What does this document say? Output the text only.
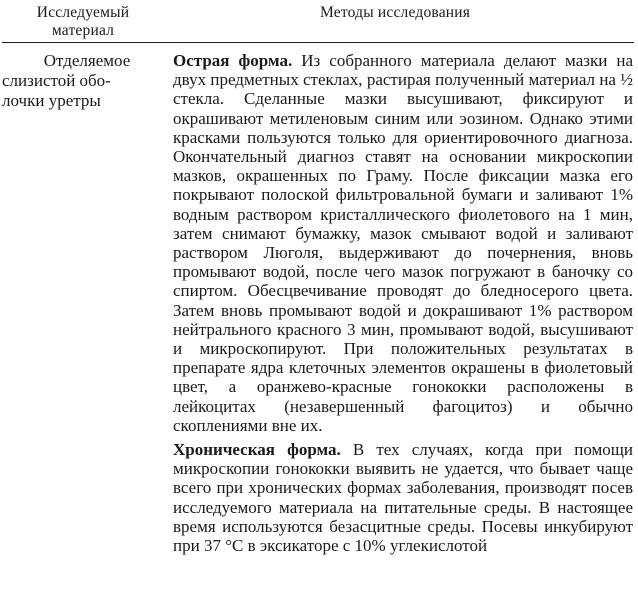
Исследуемый
материал
Методы исследования
Отделяемое
слизистой обо-
лочки уретры

Острая форма. Из собранного материала делают мазки на двух предметных стеклах, растирая полученный материал на ½ стекла. Сделанные мазки высушивают, фиксируют и окрашивают метиленовым синим или эозином. Однако этими красками пользуются только для ориентировочного диагноза. Окончательный диагноз ставят на основании микроскопии мазков, окрашенных по Граму. После фиксации мазка его покрывают полоской фильтровальной бумаги и заливают 1% водным раствором кристаллического фиолетового на 1 мин, затем снимают бумажку, мазок смывают водой и заливают раствором Люголя, выдерживают до почернения, вновь промывают водой, после чего мазок погружают в баночку со спиртом. Обесцвечивание проводят до бледносерого цвета. Затем вновь промывают водой и докрашивают 1% раствором нейтрального красного 3 мин, промывают водой, высушивают и микроскопируют. При положительных результатах в препарате ядра клеточных элементов окрашены в фиолетовый цвет, а оранжево-красные гонококки расположены в лейкоцитах (незавершенный фагоцитоз) и обычно скоплениями вне их.

Хроническая форма. В тех случаях, когда при помощи микроскопии гонококки выявить не удается, что бывает чаще всего при хронических формах заболевания, производят посев исследуемого материала на питательные среды. В настоящее время используются безасцитные среды. Посевы инкубируют при 37 °C в эксикаторе с 10% углекислотой
